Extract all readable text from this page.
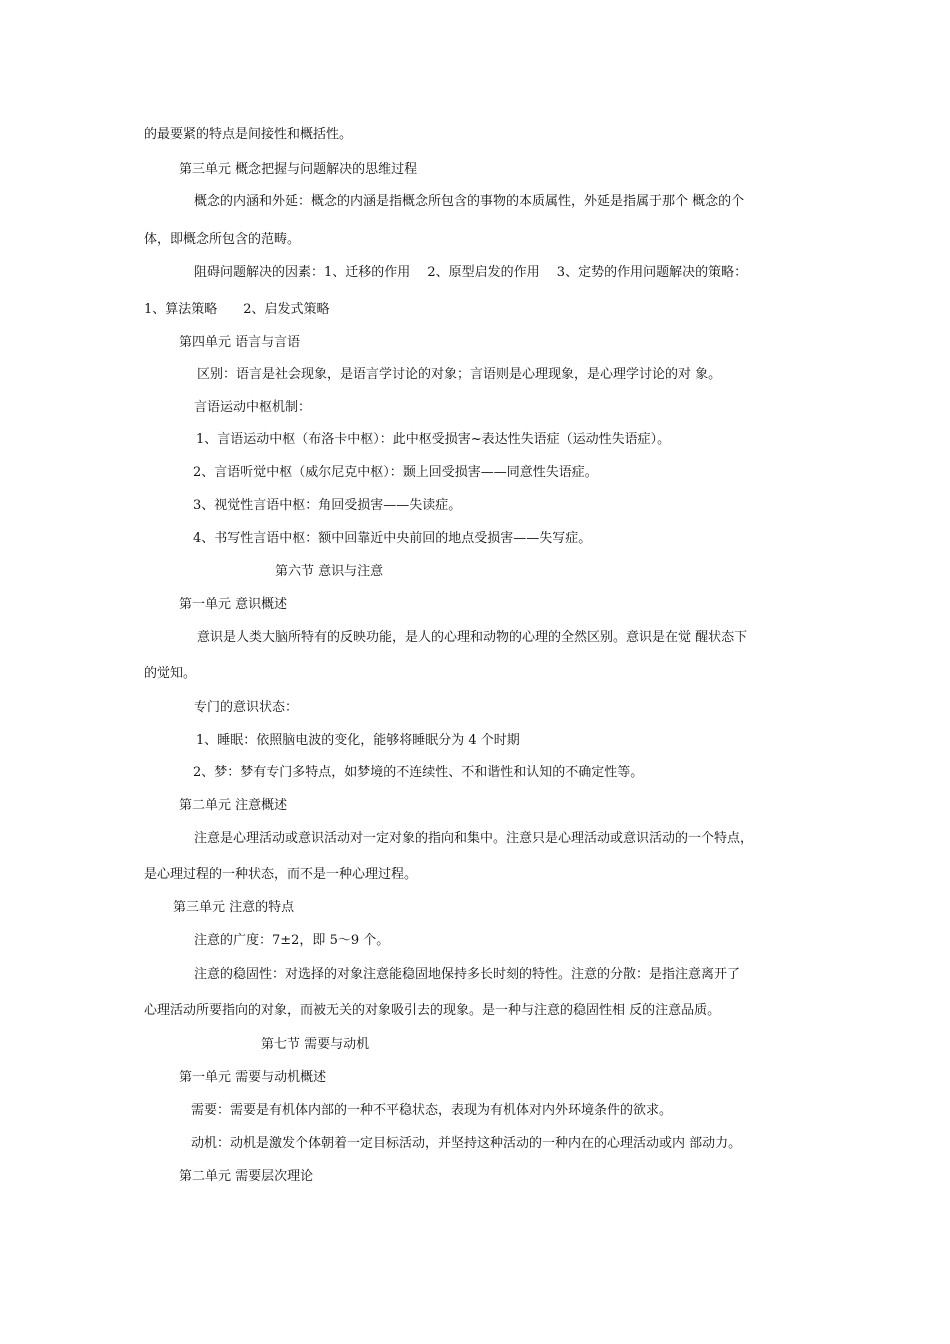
的最要紧的特点是间接性和概括性。
第三单元 概念把握与问题解决的思维过程
概念的内涵和外延：概念的内涵是指概念所包含的事物的本质属性，外延是指属于那个 概念的个
体，即概念所包含的范畴。
阻碍问题解决的因素：1、迁移的作用　 2、原型启发的作用　 3、定势的作用问题解决的策略：
1、算法策略　　2、启发式策略
第四单元 语言与言语
区别：语言是社会现象，是语言学讨论的对象；言语则是心理现象，是心理学讨论的对 象。
言语运动中枢机制：
1、言语运动中枢（布洛卡中枢）：此中枢受损害~表达性失语症（运动性失语症）。
2、言语听觉中枢（威尔尼克中枢）：颞上回受损害——同意性失语症。
3、视觉性言语中枢：角回受损害——失读症。
4、书写性言语中枢：额中回靠近中央前回的地点受损害——失写症。
第六节 意识与注意
第一单元 意识概述
意识是人类大脑所特有的反映功能，是人的心理和动物的心理的全然区别。意识是在觉 醒状态下
的觉知。
专门的意识状态：
1、睡眠：依照脑电波的变化，能够将睡眠分为 4 个时期
2、梦：梦有专门多特点，如梦境的不连续性、不和谐性和认知的不确定性等。
第二单元 注意概述
注意是心理活动或意识活动对一定对象的指向和集中。注意只是心理活动或意识活动的一个特点，
是心理过程的一种状态，而不是一种心理过程。
第三单元 注意的特点
注意的广度：7±2，即 5～9 个。
注意的稳固性：对选择的对象注意能稳固地保持多长时刻的特性。注意的分散：是指注意离开了
心理活动所要指向的对象，而被无关的对象吸引去的现象。是一种与注意的稳固性相 反的注意品质。
第七节 需要与动机
第一单元 需要与动机概述
需要：需要是有机体内部的一种不平稳状态，表现为有机体对内外环境条件的欲求。
动机：动机是激发个体朝着一定目标活动，并坚持这种活动的一种内在的心理活动或内 部动力。
第二单元 需要层次理论
